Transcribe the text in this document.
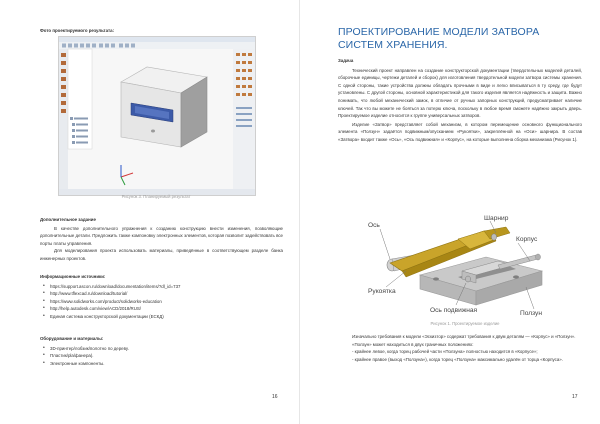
Фото проектируемого результата:

Рисунок 3. Планируемый результат

Дополнительное задание

В качестве дополнительного упражнения к созданию конструкцию внести изменения, позволяющие дополнительные детали. Предложить также компоновку электронных элементов, которая позволит задействовать все порты платы управления.

Для моделирования проекта использовать материалы, приведённые в соответствующем разделе банка инженерных проектов.

Информационные источники:

• https://support.ascon.ru/download/documentation/items/?dl_id=737
• http://www.tflexcad.ru/download/tutorial/
• https://www.solidworks.com/product/solidworks-education
• http://help.autodesk.com/view/ACD/2018/RUS/
• Единая система конструкторской документации (ЕСКД)

Оборудование и материалы:

• 3D-принтер/лобзик/полотно по дереву.
• Пластик/pla/фанера).
• Электронные компоненты.
16
ПРОЕКТИРОВАНИЕ МОДЕЛИ ЗАТВОРА СИСТЕМ ХРАНЕНИЯ.

Задача

Технический проект направлен на создание конструкторской документации (твердотельных моделей деталей, сборочные единицы, чертежи деталей и сборок) для изготовления твердотельной модели затвора системы хранения. С одной стороны, такие устройства должны обладать прочными в виде и легко вписываться в ту среду, где будут установлены. С другой стороны, основной характеристикой для такого изделия является надёжность и защита. Важно понимать, что любой механический замок, в отличие от ручных запорных конструкций, предусматривает наличие ключей. Так что вы можете не бояться за потерю ключа, поскольку в любое время сможете надёжно закрыть дверь. Проектируемое изделие относится к группе универсальных затворов.

Изделие «Затвор» представляет собой механизм, в котором перемещение основного функционального элемента «Ползун» задаётся подвижным/опусканием «Рукоятки», закреплённой на «Оси» шарнира. В состав «Затвора» входит также «Ось», «Ось подвижная» и «Корпус», на которые выполнена сборка механизма (Рисунок 1).

Ось
Шарнир
Корпус
Рукоятка
Ось подвижная	Ползун

Рисунок 1. Проектируемое изделие

Изначально требования к модели «Эскизтор» содержат требования к двум деталям — «Корпус» и «Ползун».

«Ползун» может находиться в двух граничных положениях:

- крайнее левое, когда торец рабочей части «Ползуна» полностью находится в «Корпусе»;

- крайнее правое (выход «Ползуна»), когда торец «Ползуна» максимально удалён от торца «Корпуса».

17
